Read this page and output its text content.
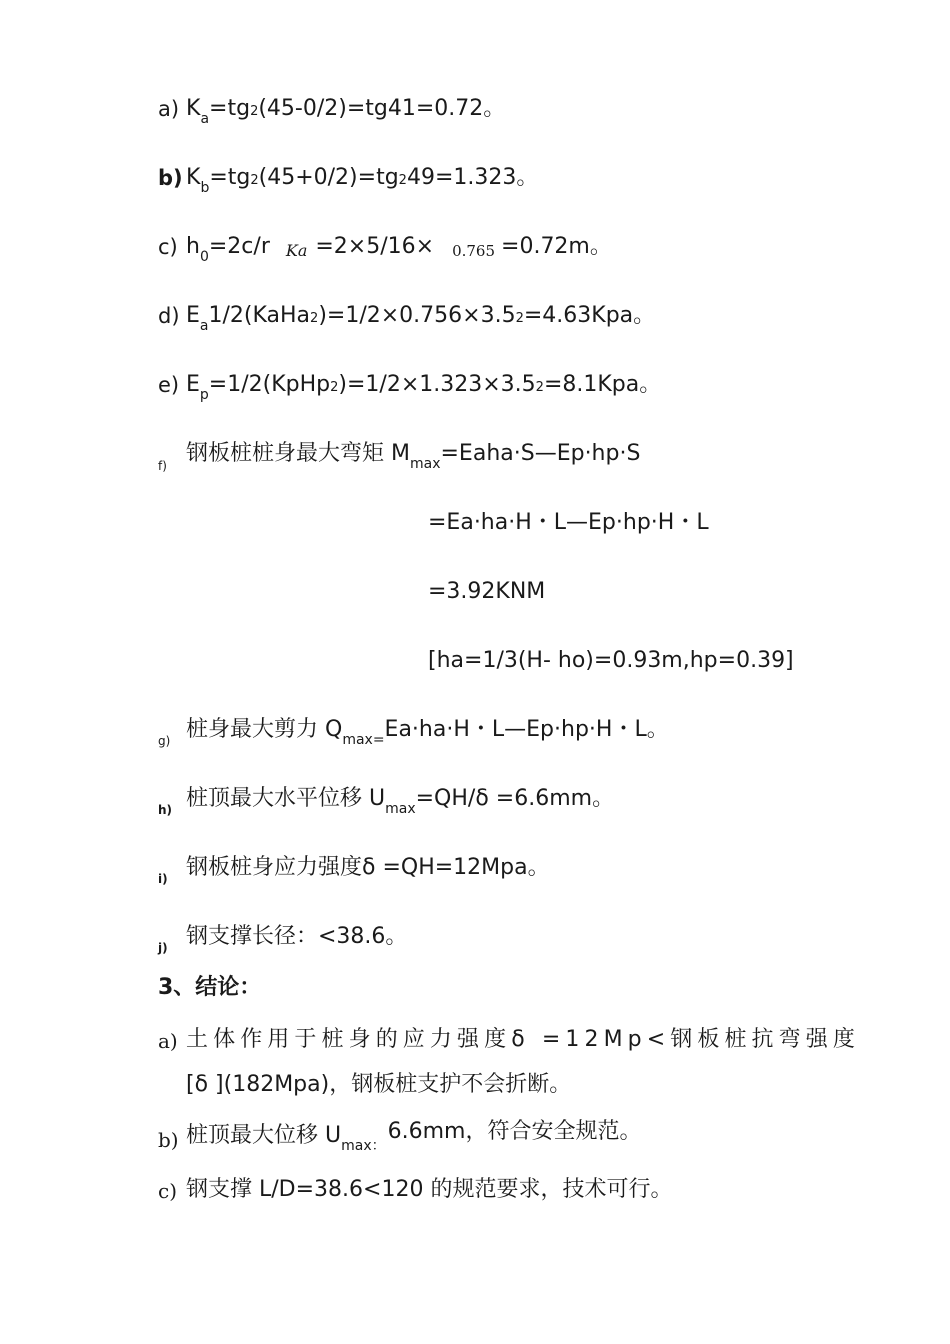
a) $K_a=tg2(45-0/2)=tg41=0.72$。
b) $K_b=tg2(45+0/2)=tg249=1.323$。
c) $h_0=2c/r$ Ka =2×5/16× 0.765 =0.72m。
d) $E_a1/2(KaHa2)=1/2\times 0.756\times 3.52=4.63Kpa$。
e) $E_p=1/2(KpHp2)=1/2\times 1.323\times 3.52=8.1Kpa$。
f) 钢板桩桩身最大弯矩 $M_{max}=Eaha\cdot S—Ep\cdot hp\cdot S$
=Ea·ha·H・L—Ep·hp·H・L
=3.92KNM
[ha=1/3(H- ho)=0.93m,hp=0.39]
g) 桩身最大剪力 $Q_{max=}Ea\cdot ha\cdot H$・L—Ep·hp·H・L。
h) 桩顶最大水平位移 $U_{max}=QH/\delta =6.6mm$。
i) 钢板桩身应力强度δ =QH=12Mpa。
j) 钢支撑长径：<38.6。
3、结论：
a) 土体作用于桩身的应力强度δ =12Mp<钢板桩抗弯强度
[δ ](182Mpa)，钢板桩支护不会折断。
b) 桩顶最大位移 $U_{max:}6.6mm$，符合安全规范。
c) 钢支撑 L/D=38.6<120 的规范要求，技术可行。
